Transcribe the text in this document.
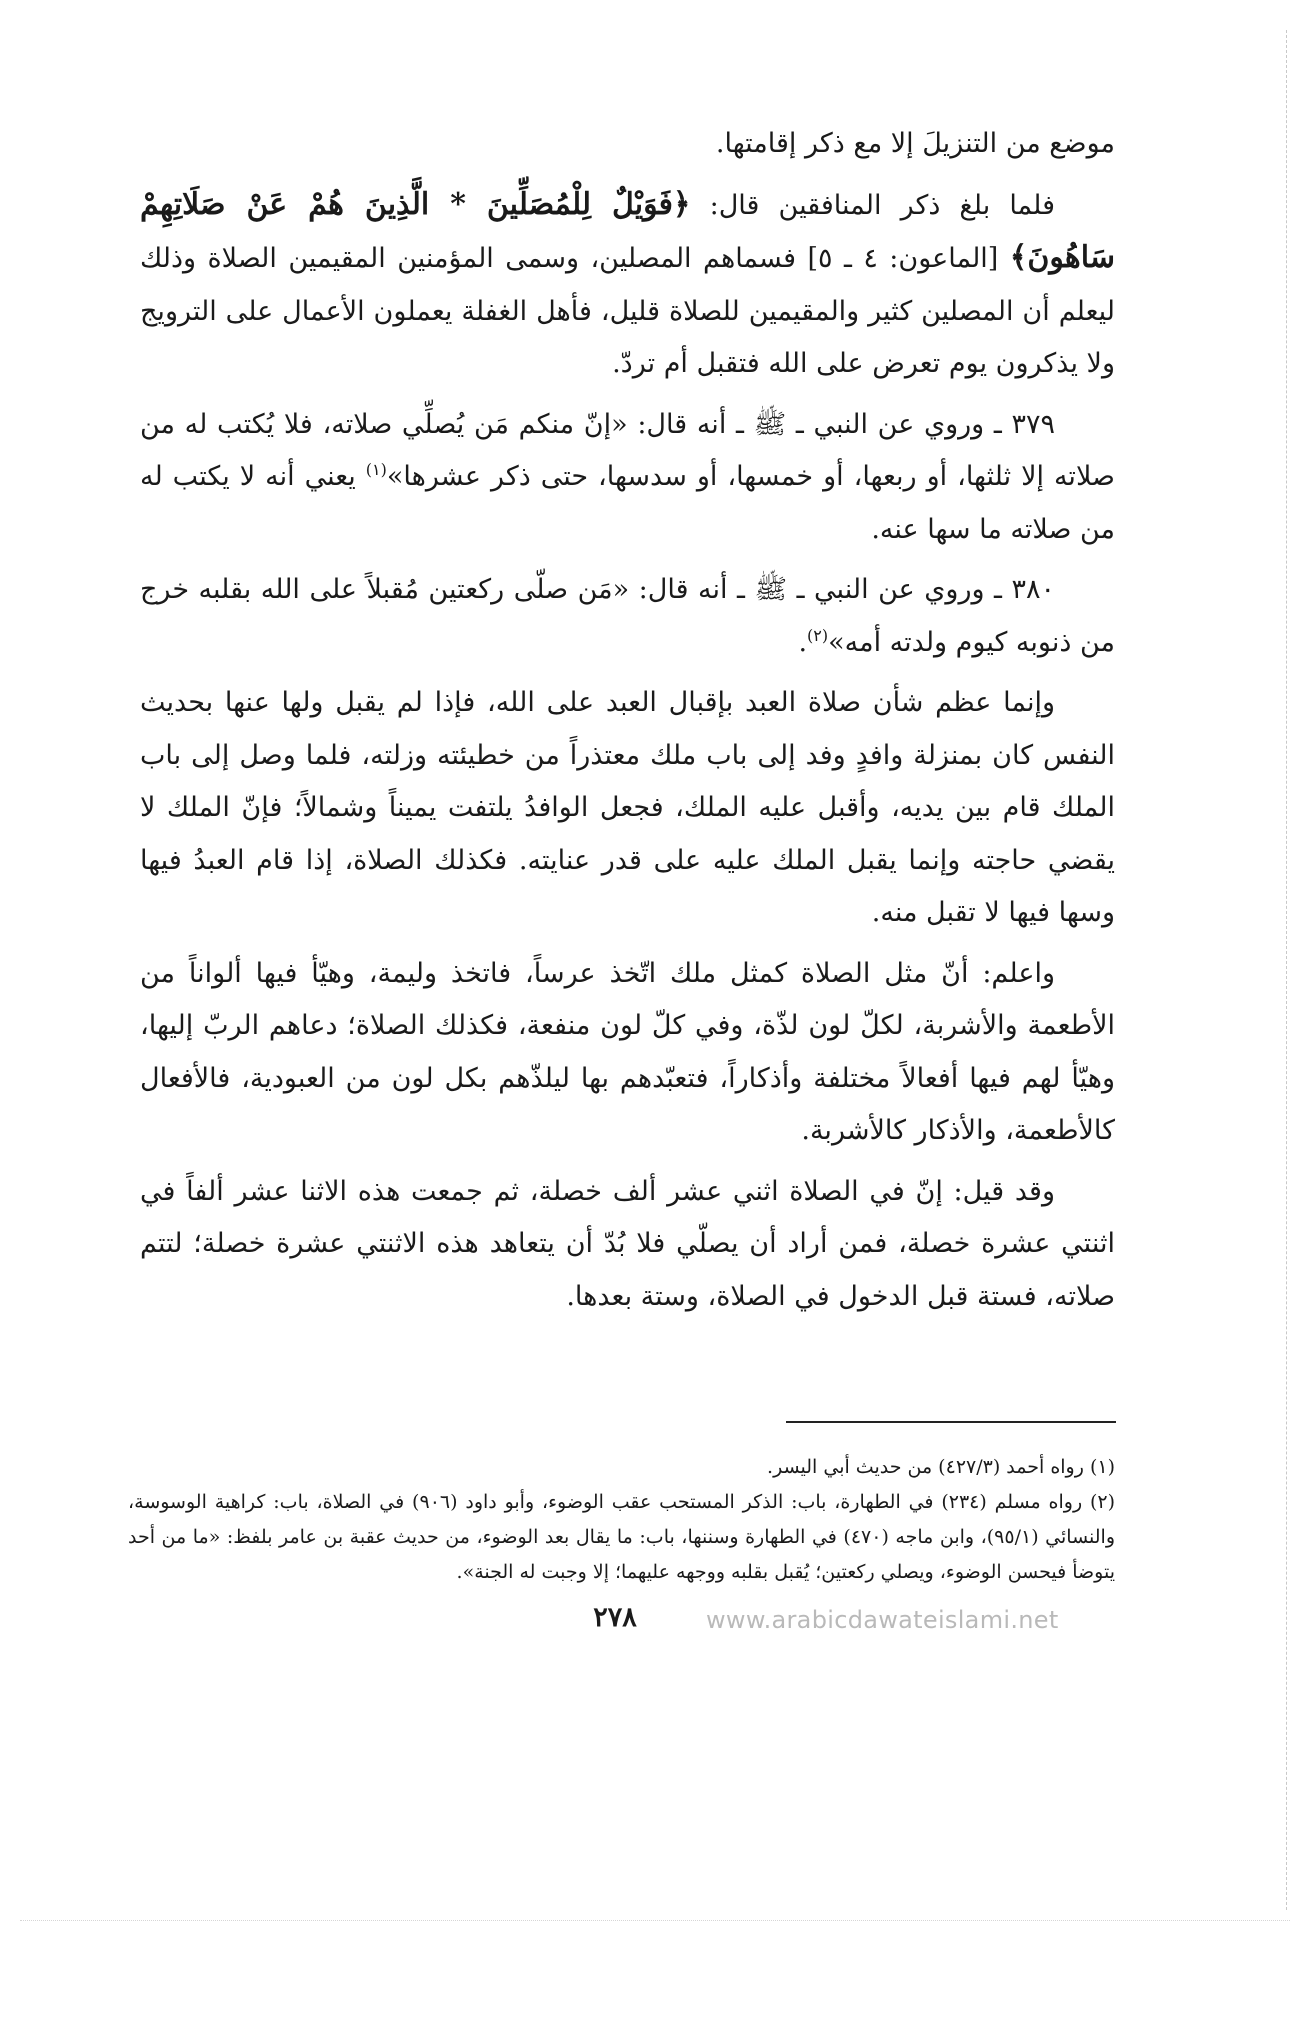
موضع من التنزيلَ إلا مع ذكر إقامتها.

فلما بلغ ذكر المنافقين قال: ﴿فَوَيْلٌ لِلْمُصَلِّينَ * الَّذِينَ هُمْ عَنْ صَلَاتِهِمْ سَاهُونَ﴾ [الماعون: ٤ ـ ٥] فسماهم المصلين، وسمى المؤمنين المقيمين الصلاة وذلك ليعلم أن المصلين كثير والمقيمين للصلاة قليل، فأهل الغفلة يعملون الأعمال على الترويج ولا يذكرون يوم تعرض على الله فتقبل أم تردّ.

٣٧٩ ـ وروي عن النبي ـ ﷺ ـ أنه قال: «إنّ منكم مَن يُصلِّي صلاته، فلا يُكتب له من صلاته إلا ثلثها، أو ربعها، أو خمسها، أو سدسها، حتى ذكر عشرها»$^{(١)}$ يعني أنه لا يكتب له من صلاته ما سها عنه.

٣٨٠ ـ وروي عن النبي ـ ﷺ ـ أنه قال: «مَن صلّى ركعتين مُقبلاً على الله بقلبه خرج من ذنوبه كيوم ولدته أمه»$^{(٢)}$.

وإنما عظم شأن صلاة العبد بإقبال العبد على الله، فإذا لم يقبل ولها عنها بحديث النفس كان بمنزلة وافدٍ وفد إلى باب ملك معتذراً من خطيئته وزلته، فلما وصل إلى باب الملك قام بين يديه، وأقبل عليه الملك، فجعل الوافدُ يلتفت يميناً وشمالاً؛ فإنّ الملك لا يقضي حاجته وإنما يقبل الملك عليه على قدر عنايته. فكذلك الصلاة، إذا قام العبدُ فيها وسها فيها لا تقبل منه.

واعلم: أنّ مثل الصلاة كمثل ملك اتّخذ عرساً، فاتخذ وليمة، وهيّأ فيها ألواناً من الأطعمة والأشربة، لكلّ لون لذّة، وفي كلّ لون منفعة، فكذلك الصلاة؛ دعاهم الربّ إليها، وهيّأ لهم فيها أفعالاً مختلفة وأذكاراً، فتعبّدهم بها ليلذّهم بكل لون من العبودية، فالأفعال كالأطعمة، والأذكار كالأشربة.

وقد قيل: إنّ في الصلاة اثني عشر ألف خصلة، ثم جمعت هذه الاثنا عشر ألفاً في اثنتي عشرة خصلة، فمن أراد أن يصلّي فلا بُدّ أن يتعاهد هذه الاثنتي عشرة خصلة؛ لتتم صلاته، فستة قبل الدخول في الصلاة، وستة بعدها.

(١) رواه أحمد (٤٢٧/٣) من حديث أبي اليسر.

(٢) رواه مسلم (٢٣٤) في الطهارة، باب: الذكر المستحب عقب الوضوء، وأبو داود (٩٠٦) في الصلاة، باب: كراهية الوسوسة، والنسائي (٩٥/١)، وابن ماجه (٤٧٠) في الطهارة وسننها، باب: ما يقال بعد الوضوء، من حديث عقبة بن عامر بلفظ: «ما من أحد يتوضأ فيحسن الوضوء، ويصلي ركعتين؛ يُقبل بقلبه ووجهه عليهما؛ إلا وجبت له الجنة».

٢٧٨	www.arabicdawateislami.net
